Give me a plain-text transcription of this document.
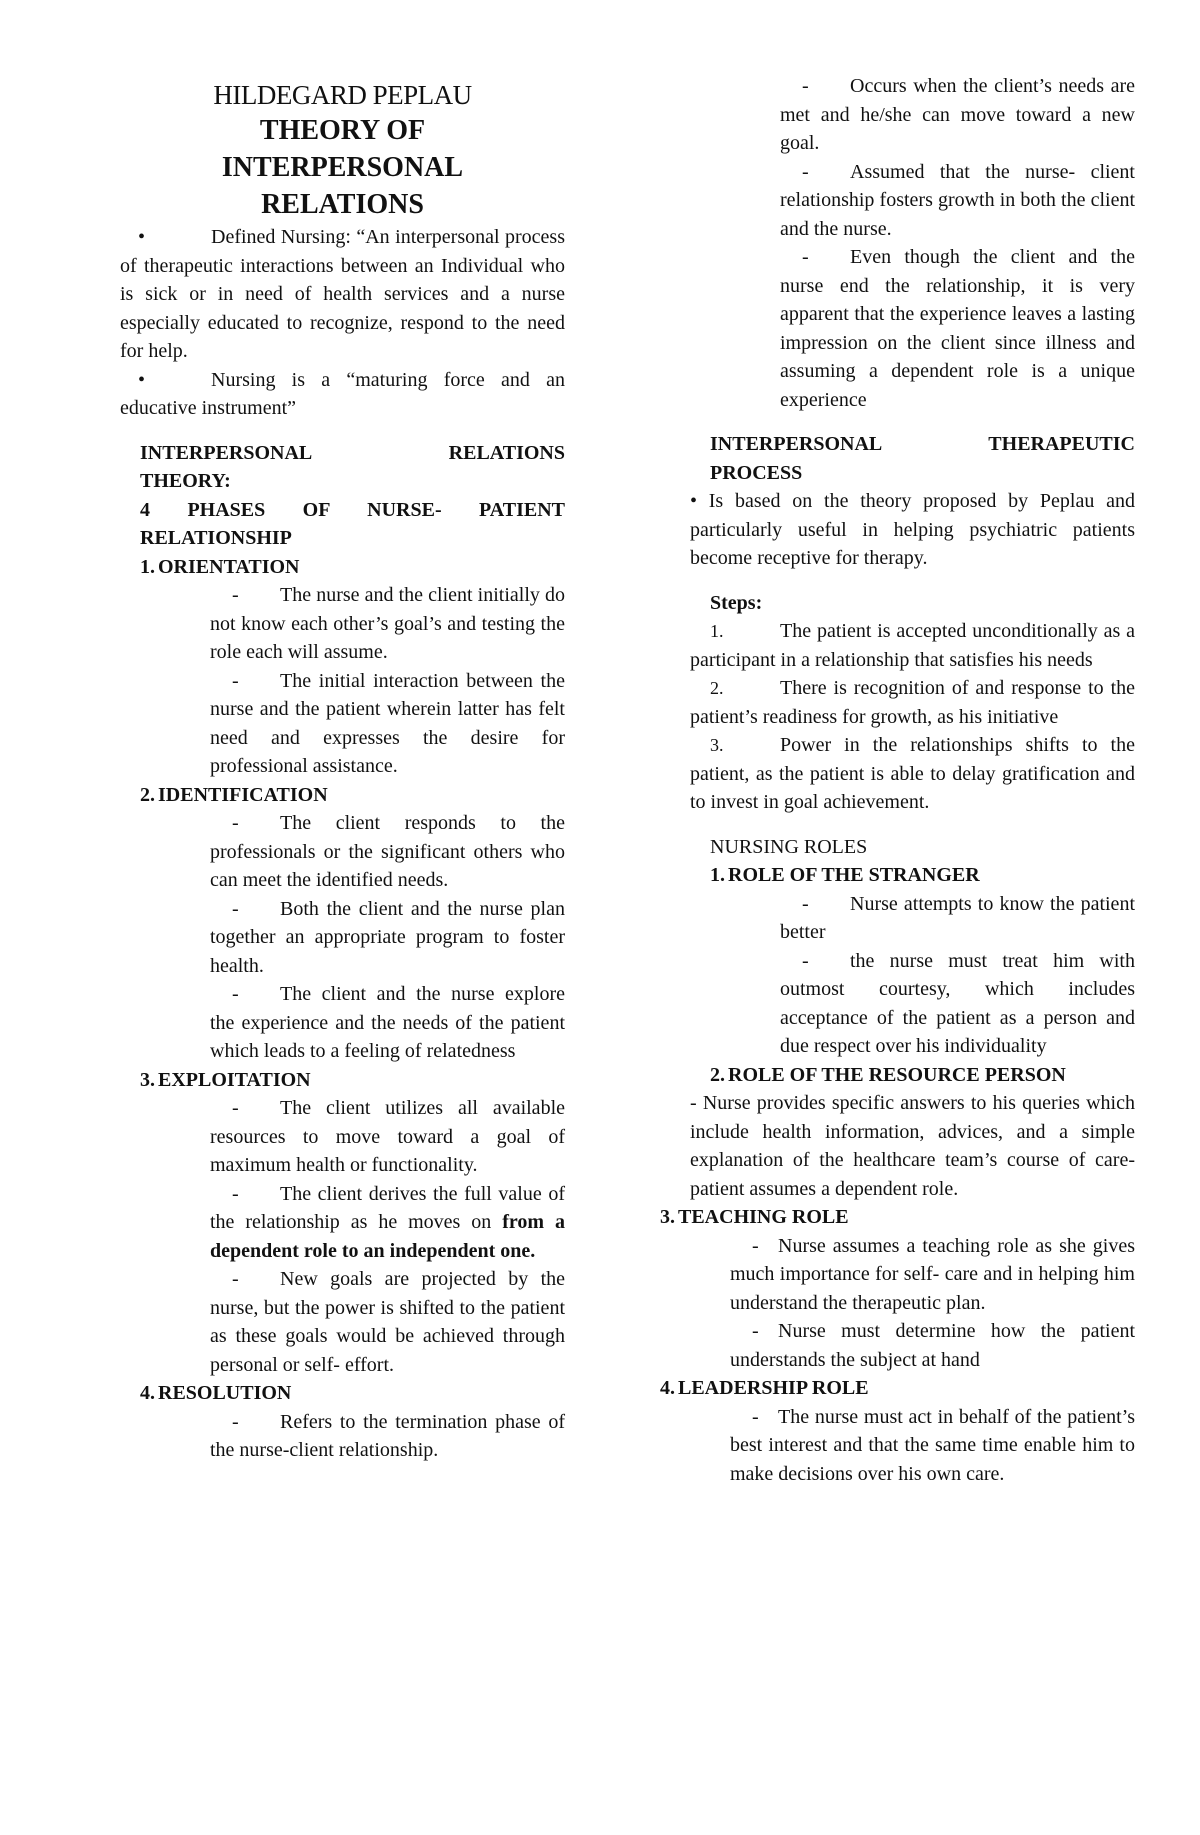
HILDEGARD PEPLAU

THEORY OF

INTERPERSONAL

RELATIONS

•	Defined Nursing: “An interpersonal process of therapeutic interactions between an Individual who is sick or in need of health services and a nurse especially educated to recognize, respond to the need for help.

•	Nursing is a “maturing force and an educative instrument”

INTERPERSONAL	RELATIONS

THEORY:

4 PHASES OF NURSE- PATIENT

RELATIONSHIP

1. ORIENTATION

- The nurse and the client initially do not know each other’s goal’s and testing the role each will assume.

- The initial interaction between the nurse and the patient wherein latter has felt need and expresses the desire for professional assistance.

2. IDENTIFICATION

- The client responds to the professionals or the significant others who can meet the identified needs.

- Both the client and the nurse plan together an appropriate program to foster health.

- The client and the nurse explore the experience and the needs of the patient which leads to a feeling of relatedness

3. EXPLOITATION

- The client utilizes all available resources to move toward a goal of maximum health or functionality.

- The client derives the full value of the relationship as he moves on from a dependent role to an independent one.

- New goals are projected by the nurse, but the power is shifted to the patient as these goals would be achieved through personal or self- effort.

4. RESOLUTION

- Refers to the termination phase of the nurse-client relationship.

- Occurs when the client’s needs are met and he/she can move toward a new goal.

- Assumed that the nurse- client relationship fosters growth in both the client and the nurse.

- Even though the client and the nurse end the relationship, it is very apparent that the experience leaves a lasting impression on the client since illness and assuming a dependent role is a unique experience

INTERPERSONAL	THERAPEUTIC

PROCESS

• Is based on the theory proposed by Peplau and particularly useful in helping psychiatric patients become receptive for therapy.

Steps:

1.	The patient is accepted unconditionally as a participant in a relationship that satisfies his needs

2.	There is recognition of and response to the patient’s readiness for growth, as his initiative

3.	Power in the relationships shifts to the patient, as the patient is able to delay gratification and to invest in goal achievement.

NURSING ROLES

1. ROLE OF THE STRANGER

- Nurse attempts to know the patient better

- the nurse must treat him with outmost courtesy, which includes acceptance of the patient as a person and due respect over his individuality

2. ROLE OF THE RESOURCE PERSON

- Nurse provides specific answers to his queries which include health information, advices, and a simple explanation of the healthcare team’s course of care-patient assumes a dependent role.

3. TEACHING ROLE

- Nurse assumes a teaching role as she gives much importance for self- care and in helping him understand the therapeutic plan.

- Nurse must determine how the patient understands the subject at hand

4. LEADERSHIP ROLE

- The nurse must act in behalf of the patient’s best interest and that the same time enable him to make decisions over his own care.
